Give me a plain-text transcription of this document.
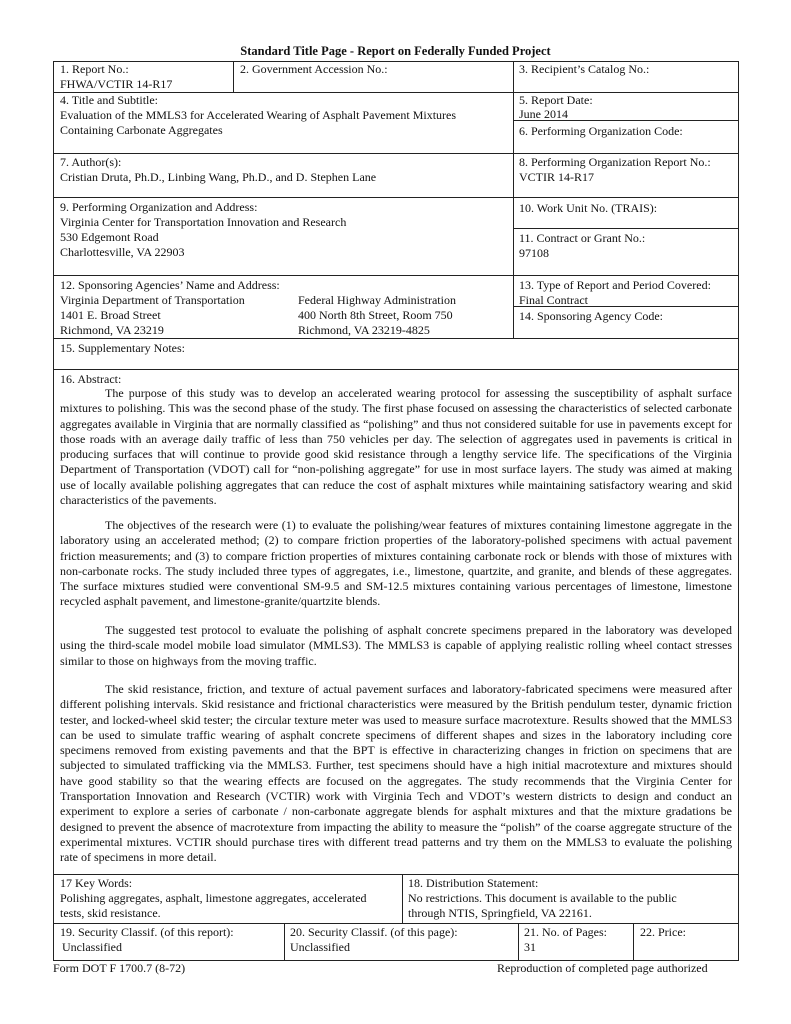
Standard Title Page - Report on Federally Funded Project
1. Report No.:
FHWA/VCTIR 14-R17
2. Government Accession No.:	3. Recipient’s Catalog No.:
4. Title and Subtitle:
Evaluation of the MMLS3 for Accelerated Wearing of Asphalt Pavement Mixtures
Containing Carbonate Aggregates
5. Report Date:
June 2014
6. Performing Organization Code:
7. Author(s):
Cristian Druta, Ph.D., Linbing Wang, Ph.D., and D. Stephen Lane
8. Performing Organization Report No.:
VCTIR 14-R17
9. Performing Organization and Address:
Virginia Center for Transportation Innovation and Research
530 Edgemont Road
Charlottesville, VA 22903
10. Work Unit No. (TRAIS):
11. Contract or Grant No.:
97108
12. Sponsoring Agencies’ Name and Address:
Virginia Department of Transportation
1401 E. Broad Street
Richmond, VA 23219
Federal Highway Administration
400 North 8th Street, Room 750
Richmond, VA 23219-4825
13. Type of Report and Period Covered:
Final Contract
14. Sponsoring Agency Code:
15. Supplementary Notes:
16. Abstract:
The purpose of this study was to develop an accelerated wearing protocol for assessing the susceptibility of asphalt surface mixtures to polishing. This was the second phase of the study. The first phase focused on assessing the characteristics of selected carbonate aggregates available in Virginia that are normally classified as “polishing” and thus not considered suitable for use in pavements except for those roads with an average daily traffic of less than 750 vehicles per day. The selection of aggregates used in pavements is critical in producing surfaces that will continue to provide good skid resistance through a lengthy service life. The specifications of the Virginia Department of Transportation (VDOT) call for “non-polishing aggregate” for use in most surface layers. The study was aimed at making use of locally available polishing aggregates that can reduce the cost of asphalt mixtures while maintaining satisfactory wearing and skid characteristics of the pavements.
The objectives of the research were (1) to evaluate the polishing/wear features of mixtures containing limestone aggregate in the laboratory using an accelerated method; (2) to compare friction properties of the laboratory-polished specimens with actual pavement friction measurements; and (3) to compare friction properties of mixtures containing carbonate rock or blends with those of mixtures with non-carbonate rocks. The study included three types of aggregates, i.e., limestone, quartzite, and granite, and blends of these aggregates. The surface mixtures studied were conventional SM-9.5 and SM-12.5 mixtures containing various percentages of limestone, limestone recycled asphalt pavement, and limestone-granite/quartzite blends.
The suggested test protocol to evaluate the polishing of asphalt concrete specimens prepared in the laboratory was developed using the third-scale model mobile load simulator (MMLS3). The MMLS3 is capable of applying realistic rolling wheel contact stresses similar to those on highways from the moving traffic.
The skid resistance, friction, and texture of actual pavement surfaces and laboratory-fabricated specimens were measured after different polishing intervals. Skid resistance and frictional characteristics were measured by the British pendulum tester, dynamic friction tester, and locked-wheel skid tester; the circular texture meter was used to measure surface macrotexture. Results showed that the MMLS3 can be used to simulate traffic wearing of asphalt concrete specimens of different shapes and sizes in the laboratory including core specimens removed from existing pavements and that the BPT is effective in characterizing changes in friction on specimens that are subjected to simulated trafficking via the MMLS3. Further, test specimens should have a high initial macrotexture and mixtures should have good stability so that the wearing effects are focused on the aggregates. The study recommends that the Virginia Center for Transportation Innovation and Research (VCTIR) work with Virginia Tech and VDOT’s western districts to design and conduct an experiment to explore a series of carbonate / non-carbonate aggregate blends for asphalt mixtures and that the mixture gradations be designed to prevent the absence of macrotexture from impacting the ability to measure the “polish” of the coarse aggregate structure of the experimental mixtures. VCTIR should purchase tires with different tread patterns and try them on the MMLS3 to evaluate the polishing rate of specimens in more detail.
17 Key Words:
Polishing aggregates, asphalt, limestone aggregates, accelerated
tests, skid resistance.
18. Distribution Statement:
No restrictions. This document is available to the public
through NTIS, Springfield, VA 22161.
19. Security Classif. (of this report):
Unclassified
20. Security Classif. (of this page):
Unclassified
21. No. of Pages:
31
22. Price:
Form DOT F 1700.7 (8-72)	Reproduction of completed page authorized
